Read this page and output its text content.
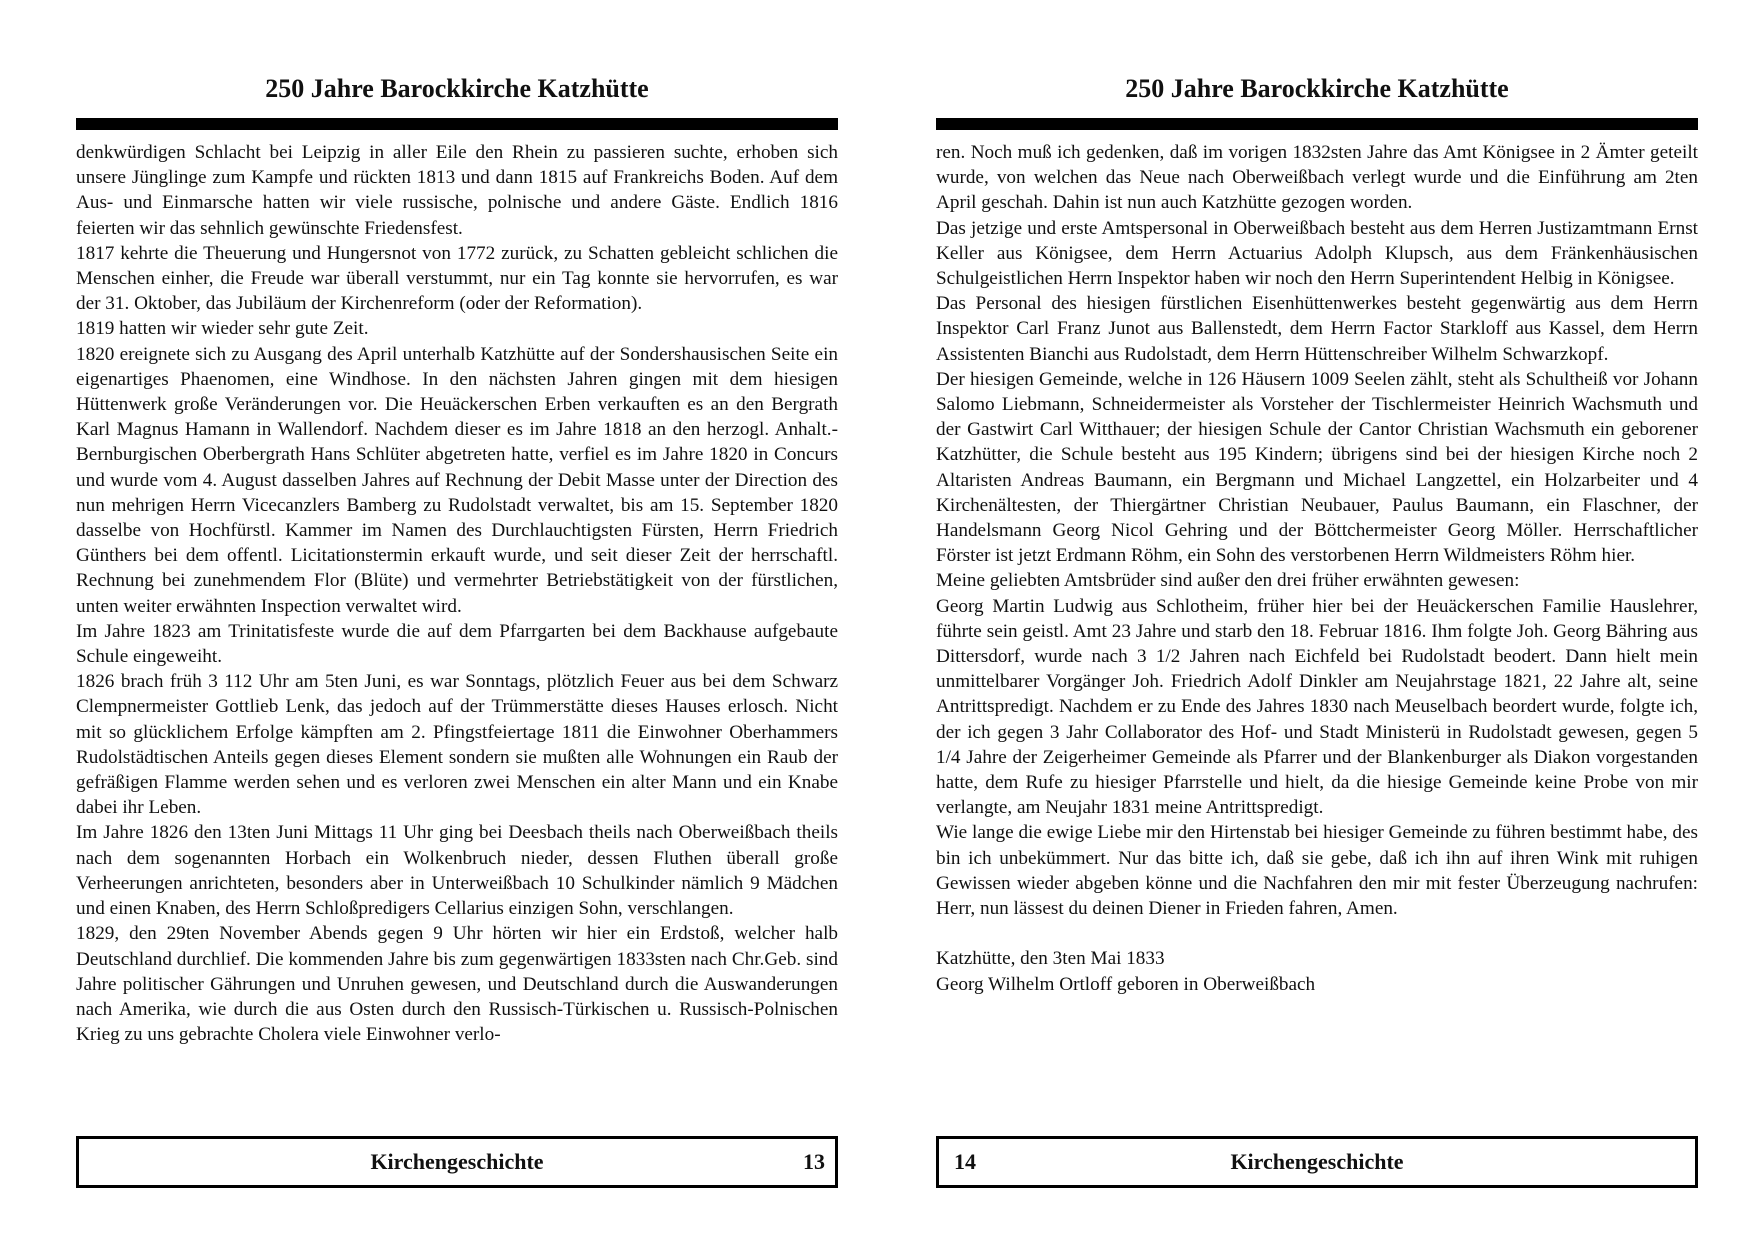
250 Jahre Barockkirche Katzhütte

denkwürdigen Schlacht bei Leipzig in aller Eile den Rhein zu passieren suchte, erhoben sich unsere Jünglinge zum Kampfe und rückten 1813 und dann 1815 auf Frankreichs Boden. Auf dem Aus- und Einmarsche hatten wir viele russische, polnische und andere Gäste. Endlich 1816 feierten wir das sehnlich gewünschte Friedensfest.

1817 kehrte die Theuerung und Hungersnot von 1772 zurück, zu Schatten gebleicht schlichen die Menschen einher, die Freude war überall verstummt, nur ein Tag konnte sie hervorrufen, es war der 31. Oktober, das Jubiläum der Kirchenreform (oder der Reformation).

1819 hatten wir wieder sehr gute Zeit.

1820 ereignete sich zu Ausgang des April unterhalb Katzhütte auf der Sondershausischen Seite ein eigenartiges Phaenomen, eine Windhose. In den nächsten Jahren gingen mit dem hiesigen Hüttenwerk große Veränderungen vor. Die Heuäckerschen Erben verkauften es an den Bergrath Karl Magnus Hamann in Wallendorf. Nachdem dieser es im Jahre 1818 an den herzogl. Anhalt.-Bernburgischen Oberbergrath Hans Schlüter abgetreten hatte, verfiel es im Jahre 1820 in Concurs und wurde vom 4. August dasselben Jahres auf Rechnung der Debit Masse unter der Direction des nun mehrigen Herrn Vicecanzlers Bamberg zu Rudolstadt verwaltet, bis am 15. September 1820 dasselbe von Hochfürstl. Kammer im Namen des Durchlauchtigsten Fürsten, Herrn Friedrich Günthers bei dem offentl. Licitationstermin erkauft wurde, und seit dieser Zeit der herrschaftl. Rechnung bei zunehmendem Flor (Blüte) und vermehrter Betriebstätigkeit von der fürstlichen, unten weiter erwähnten Inspection verwaltet wird.

Im Jahre 1823 am Trinitatisfeste wurde die auf dem Pfarrgarten bei dem Backhause aufgebaute Schule eingeweiht.

1826 brach früh 3 112 Uhr am 5ten Juni, es war Sonntags, plötzlich Feuer aus bei dem Schwarz Clempnermeister Gottlieb Lenk, das jedoch auf der Trümmerstätte dieses Hauses erlosch. Nicht mit so glücklichem Erfolge kämpften am 2. Pfingstfeiertage 1811 die Einwohner Oberhammers Rudolstädtischen Anteils gegen dieses Element sondern sie mußten alle Wohnungen ein Raub der gefräßigen Flamme werden sehen und es verloren zwei Menschen ein alter Mann und ein Knabe dabei ihr Leben.

Im Jahre 1826 den 13ten Juni Mittags 11 Uhr ging bei Deesbach theils nach Oberweißbach theils nach dem sogenannten Horbach ein Wolkenbruch nieder, dessen Fluthen überall große Verheerungen anrichteten, besonders aber in Unterweißbach 10 Schulkinder nämlich 9 Mädchen und einen Knaben, des Herrn Schloßpredigers Cellarius einzigen Sohn, verschlangen.

1829, den 29ten November Abends gegen 9 Uhr hörten wir hier ein Erdstoß, welcher halb Deutschland durchlief. Die kommenden Jahre bis zum gegenwärtigen 1833sten nach Chr.Geb. sind Jahre politischer Gährungen und Unruhen gewesen, und Deutschland durch die Auswanderungen nach Amerika, wie durch die aus Osten durch den Russisch-Türkischen u. Russisch-Polnischen Krieg zu uns gebrachte Cholera viele Einwohner verlo-

Kirchengeschichte	13
250 Jahre Barockkirche Katzhütte

ren. Noch muß ich gedenken, daß im vorigen 1832sten Jahre das Amt Königsee in 2 Ämter geteilt wurde, von welchen das Neue nach Oberweißbach verlegt wurde und die Einführung am 2ten April geschah. Dahin ist nun auch Katzhütte gezogen worden.

Das jetzige und erste Amtspersonal in Oberweißbach besteht aus dem Herren Justizamtmann Ernst Keller aus Königsee, dem Herrn Actuarius Adolph Klupsch, aus dem Fränkenhäusischen Schulgeistlichen Herrn Inspektor haben wir noch den Herrn Superintendent Helbig in Königsee.

Das Personal des hiesigen fürstlichen Eisenhüttenwerkes besteht gegenwärtig aus dem Herrn Inspektor Carl Franz Junot aus Ballenstedt, dem Herrn Factor Starkloff aus Kassel, dem Herrn Assistenten Bianchi aus Rudolstadt, dem Herrn Hüttenschreiber Wilhelm Schwarzkopf.

Der hiesigen Gemeinde, welche in 126 Häusern 1009 Seelen zählt, steht als Schultheiß vor Johann Salomo Liebmann, Schneidermeister als Vorsteher der Tischlermeister Heinrich Wachsmuth und der Gastwirt Carl Witthauer; der hiesigen Schule der Cantor Christian Wachsmuth ein geborener Katzhütter, die Schule besteht aus 195 Kindern; übrigens sind bei der hiesigen Kirche noch 2 Altaristen Andreas Baumann, ein Bergmann und Michael Langzettel, ein Holzarbeiter und 4 Kirchenältesten, der Thiergärtner Christian Neubauer, Paulus Baumann, ein Flaschner, der Handelsmann Georg Nicol Gehring und der Böttchermeister Georg Möller. Herrschaftlicher Förster ist jetzt Erdmann Röhm, ein Sohn des verstorbenen Herrn Wildmeisters Röhm hier.

Meine geliebten Amtsbrüder sind außer den drei früher erwähnten gewesen:

Georg Martin Ludwig aus Schlotheim, früher hier bei der Heuäckerschen Familie Hauslehrer, führte sein geistl. Amt 23 Jahre und starb den 18. Februar 1816. Ihm folgte Joh. Georg Bähring aus Dittersdorf, wurde nach 3 1/2 Jahren nach Eichfeld bei Rudolstadt beodert. Dann hielt mein unmittelbarer Vorgänger Joh. Friedrich Adolf Dinkler am Neujahrstage 1821, 22 Jahre alt, seine Antrittspredigt. Nachdem er zu Ende des Jahres 1830 nach Meuselbach beordert wurde, folgte ich, der ich gegen 3 Jahr Collaborator des Hof- und Stadt Ministerü in Rudolstadt gewesen, gegen 5 1/4 Jahre der Zeigerheimer Gemeinde als Pfarrer und der Blankenburger als Diakon vorgestanden hatte, dem Rufe zu hiesiger Pfarrstelle und hielt, da die hiesige Gemeinde keine Probe von mir verlangte, am Neujahr 1831 meine Antrittspredigt.

Wie lange die ewige Liebe mir den Hirtenstab bei hiesiger Gemeinde zu führen bestimmt habe, des bin ich unbekümmert. Nur das bitte ich, daß sie gebe, daß ich ihn auf ihren Wink mit ruhigen Gewissen wieder abgeben könne und die Nachfahren den mir mit fester Überzeugung nachrufen: Herr, nun lässest du deinen Diener in Frieden fahren, Amen.

Katzhütte, den 3ten Mai 1833
Georg Wilhelm Ortloff geboren in Oberweißbach

Kirchengeschichte
14
